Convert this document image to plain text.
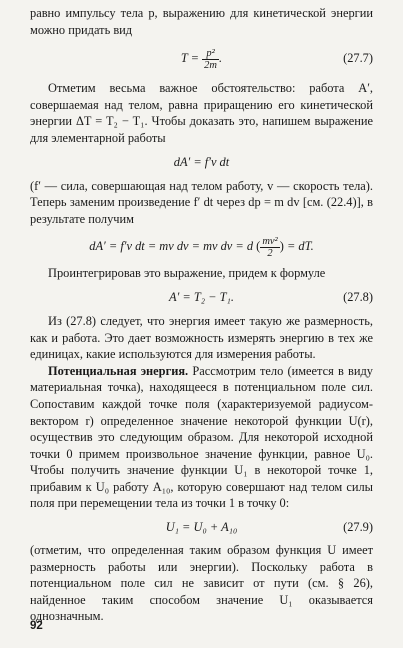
равно импульсу тела p, выражению для кинетической энергии можно придать вид

$T = \frac{\text{p²}}{2m}$ .	(27.7)

Отметим весьма важное обстоятельство: работа A′, совершаемая над телом, равна приращению его кинетической энергии ΔT = T₂ − T₁. Чтобы доказать это, напишем выражение для элементарной работы

dA′ = f′v dt

(f′ — сила, совершающая над телом работу, v — скорость тела). Теперь заменим произведение f′ dt через dp = m dv [см. (22.4)], в результате получим

dA′ = f′v dt = mv dv = mv dv = d ( $\frac{\text{mv²}}{2}$ ) = dT.

Проинтегрировав это выражение, придем к формуле

A′ = T₂ − T₁.	(27.8)

Из (27.8) следует, что энергия имеет такую же размерность, как и работа. Это дает возможность измерять энергию в тех же единицах, какие используются для измерения работы.

Потенциальная энергия. Рассмотрим тело (имеется в виду материальная точка), находящееся в потенциальном поле сил. Сопоставим каждой точке поля (характеризуемой радиусом-вектором r) определенное значение некоторой функции U(r), осуществив это следующим образом. Для некоторой исходной точки 0 примем произвольное значение функции, равное U₀. Чтобы получить значение функции U₁ в некоторой точке 1, прибавим к U₀ работу A₁₀, которую совершают над телом силы поля при перемещении тела из точки 1 в точку 0:

U₁ = U₀ + A₁₀	(27.9)

(отметим, что определенная таким образом функция U имеет размерность работы или энергии). Поскольку работа в потенциальном поле сил не зависит от пути (см. § 26), найденное таким способом значение U₁ оказывается однозначным.

92
